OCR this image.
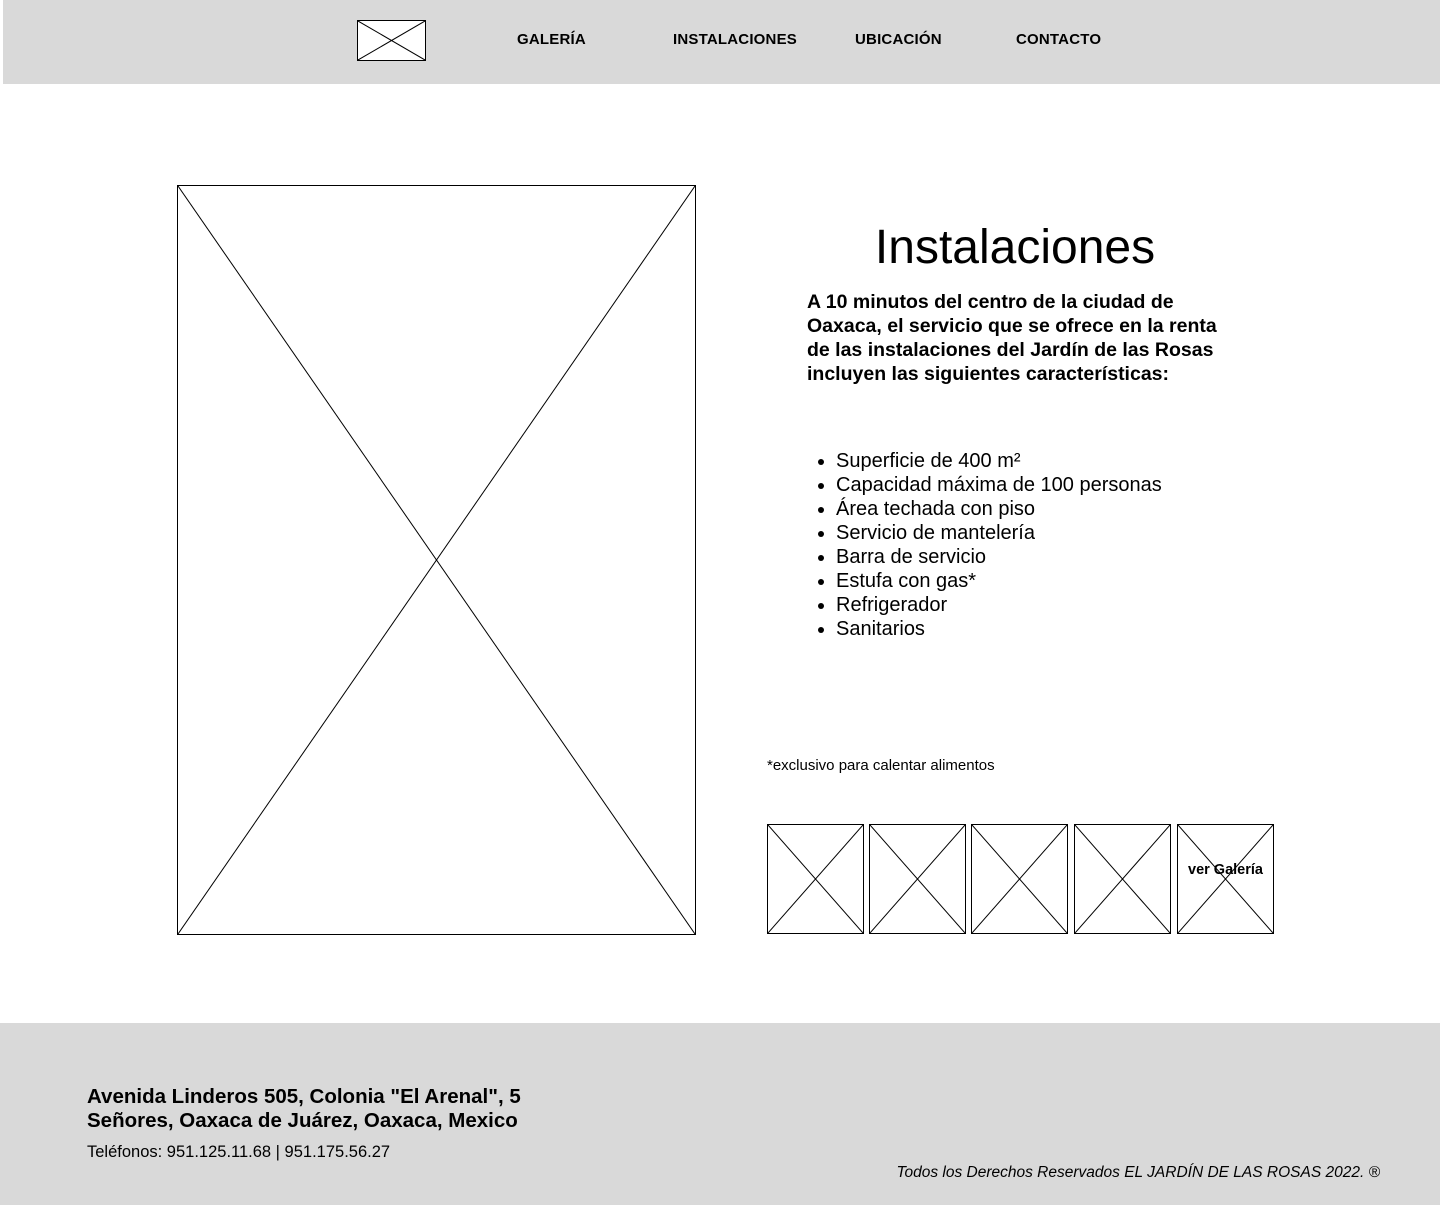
GALERÍA	INSTALACIONES	UBICACIÓN	CONTACTO
Instalaciones

A 10 minutos del centro de la ciudad de Oaxaca, el servicio que se ofrece en la renta de las instalaciones del Jardín de las Rosas incluyen las siguientes características:

• Superficie de 400 m²
• Capacidad máxima de 100 personas
• Área techada con piso
• Servicio de mantelería
• Barra de servicio
• Estufa con gas*
• Refrigerador
• Sanitarios

*exclusivo para calentar alimentos

ver Galería

Avenida Linderos 505, Colonia "El Arenal", 5 Señores, Oaxaca de Juárez, Oaxaca, Mexico

Teléfonos: 951.125.11.68 | 951.175.56.27

Todos los Derechos Reservados EL JARDÍN DE LAS ROSAS 2022. ®
